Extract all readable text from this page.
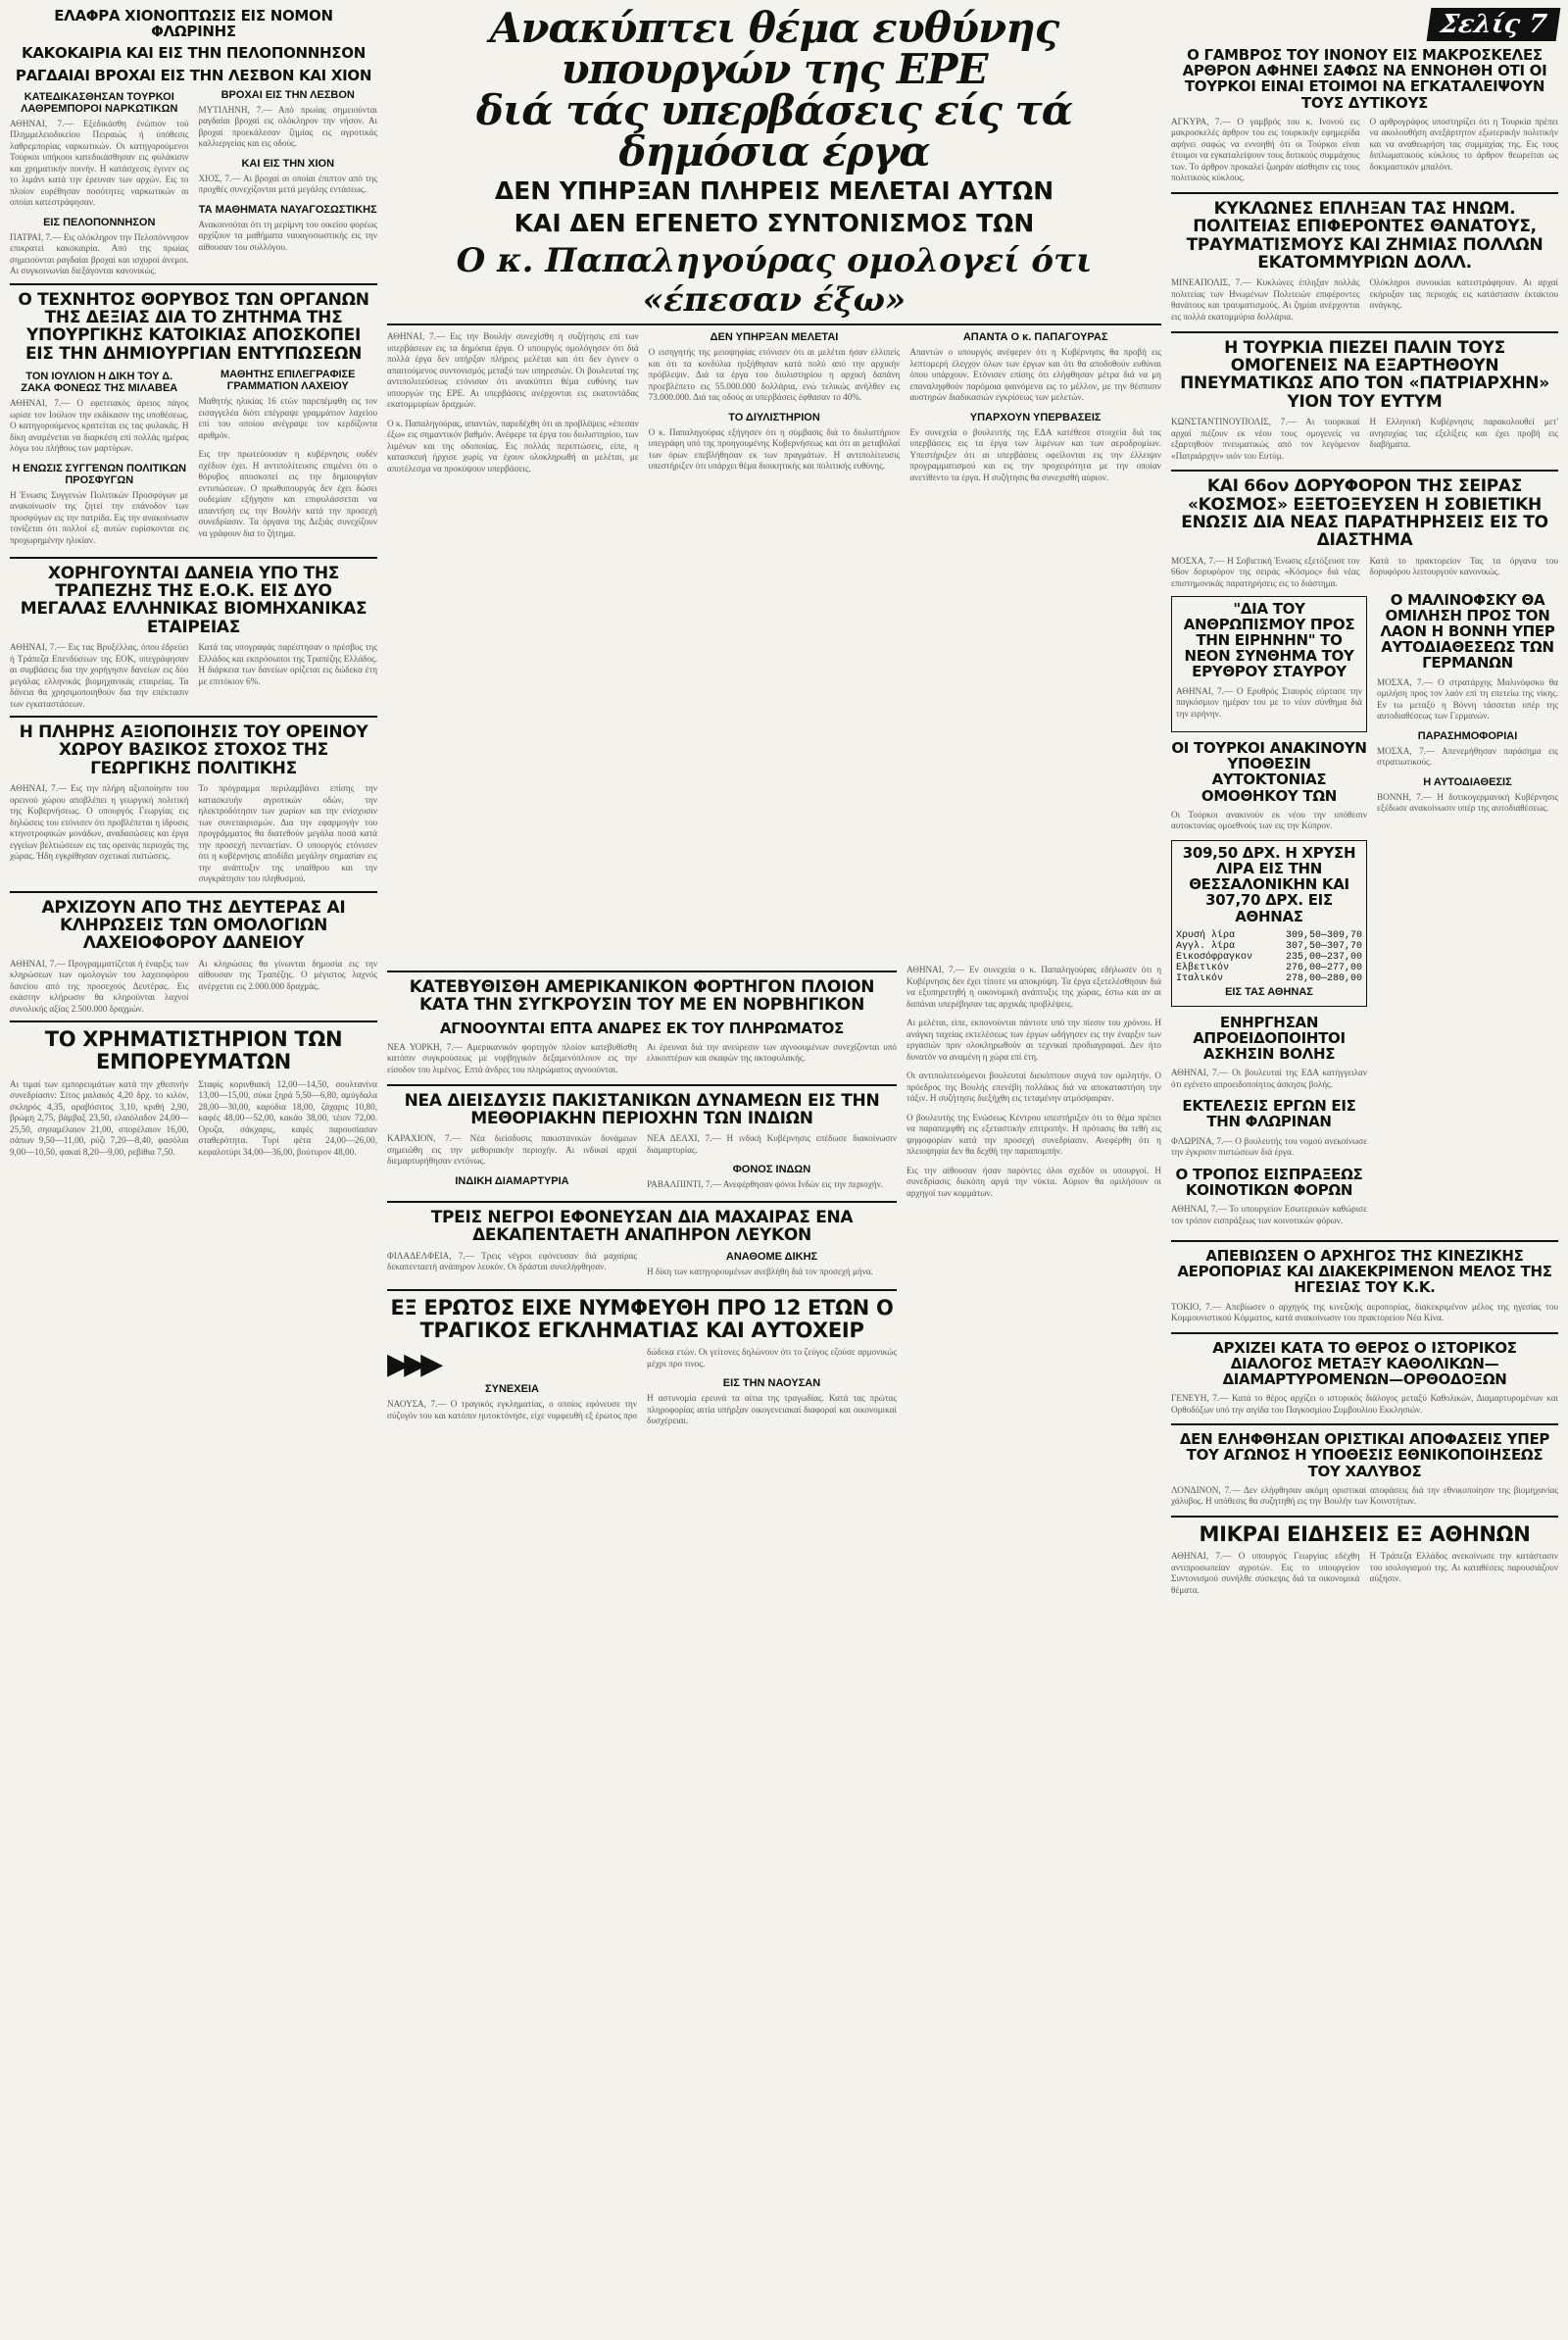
ΕΛΑΦΡΑ ΧΙΟΝΟΠΤΩΣΙΣ ΕΙΣ ΝΟΜΟΝ ΦΛΩΡΙΝΗΣ
ΚΑΚΟΚΑΙΡΙΑ ΚΑΙ ΕΙΣ ΤΗΝ ΠΕΛΟΠΟΝΝΗΣΟΝ
ΡΑΓΔΑΙΑΙ ΒΡΟΧΑΙ ΕΙΣ ΤΗΝ ΛΕΣΒΟΝ ΚΑΙ ΧΙΟΝ
ΚΑΤΕΔΙΚΑΣΘΗΣΑΝ ΤΟΥΡΚΟΙ ΛΑΘΡΕΜΠΟΡΟΙ ΝΑΡΚΩΤΙΚΩΝ

ΑΘΗΝΑΙ, 7.— Εξεδικάσθη ένώπιον τού Πλημμελειοδικείου Πειραιώς ή ύπόθεσις λαθρεμπορίας ναρκωτικών. Οι κατηγορούμενοι Τούρκοι υπήκοοι κατεδικάσθησαν εις φυλάκισιν και χρηματικήν ποινήν. Η κατάσχεσις έγινεν εις το λιμάνι κατά την έρευναν των αρχών. Εις το πλοίον ευρέθησαν ποσότητες ναρκωτικών αι οποίαι κατεστράφησαν.

ΕΙΣ ΠΕΛΟΠΟΝΝΗΣΟΝ

ΠΑΤΡΑΙ, 7.— Εις ολόκληρον την Πελοπόννησον επικρατεί κακοκαιρία. Από της πρωίας σημειούνται ραγδαίαι βροχαί και ισχυροί άνεμοι. Αι συγκοινωνίαι διεξάγονται κανονικώς.

ΒΡΟΧΑΙ ΕΙΣ ΤΗΝ ΛΕΣΒΟΝ

ΜΥΤΙΛΗΝΗ, 7.— Από πρωίας σημειούνται ραγδαίαι βροχαί εις ολόκληρον την νήσον. Αι βροχαί προεκάλεσαν ζημίας εις αγροτικάς καλλιεργείας και εις οδούς.

ΚΑΙ ΕΙΣ ΤΗΝ ΧΙΟΝ

ΧΙΟΣ, 7.— Αι βροχαί αι οποίαι έπιπτον από της προχθές συνεχίζονται μετά μεγάλης εντάσεως.

ΤΑ ΜΑΘΗΜΑΤΑ ΝΑΥΑΓΟΣΩΣΤΙΚΗΣ

Ανακοινούται ότι τη μερίμνη του οικείου φορέως αρχίζουν τα μαθήματα ναυαγοσωστικής εις την αίθουσαν του συλλόγου.

Ο ΤΕΧΝΗΤΟΣ ΘΟΡΥΒΟΣ ΤΩΝ ΟΡΓΑΝΩΝ ΤΗΣ ΔΕΞΙΑΣ ΔΙΑ ΤΟ ΖΗΤΗΜΑ ΤΗΣ ΥΠΟΥΡΓΙΚΗΣ ΚΑΤΟΙΚΙΑΣ ΑΠΟΣΚΟΠΕΙ ΕΙΣ ΤΗΝ ΔΗΜΙΟΥΡΓΙΑΝ ΕΝΤΥΠΩΣΕΩΝ
ΤΟΝ ΙΟΥΛΙΟΝ Η ΔΙΚΗ ΤΟΥ Δ. ΖΑΚΑ ΦΟΝΕΩΣ ΤΗΣ ΜΙΛΑΒΕΑ

ΑΘΗΝΑΙ, 7.— Ο εφετειακός άρειος πάγος ωρίσε τον Ιούλιον την εκδίκασιν της υποθέσεως. Ο κατηγορούμενος κρατείται εις τας φυλακάς. Η δίκη αναμένεται να διαρκέση επί πολλάς ημέρας λόγω του πλήθους των μαρτύρων.

Η ΕΝΩΣΙΣ ΣΥΓΓΕΝΩΝ ΠΟΛΙΤΙΚΩΝ ΠΡΟΣΦΥΓΩΝ

Η Ένωσις Συγγενών Πολιτικών Προσφύγων με ανακοίνωσίν της ζητεί την επάνοδον των προσφύγων εις την πατρίδα. Εις την ανακοίνωσιν τονίζεται ότι πολλοί εξ αυτών ευρίσκονται εις προχωρημένην ηλικίαν.

ΜΑΘΗΤΗΣ ΕΠΙΛΕΓΡΑΦΙΣΕ ΓΡΑΜΜΑΤΙΟΝ ΛΑΧΕΙΟΥ

Μαθητής ηλικίας 16 ετών παρεπέμφθη εις τον εισαγγελέα διότι επέγραψε γραμμάτιον λαχείου επί του οποίου ανέγραψε τον κερδίζοντα αριθμόν.

Εις την πρωτεύουσαν η κυβέρνησις ουδέν σχέδιον έχει. Η αντιπολίτευσις επιμένει ότι ο θόρυβος αποσκοπεί εις την δημιουργίαν εντυπώσεων. Ο πρωθυπουργός δεν έχει δώσει ουδεμίαν εξήγησιν και επιφυλάσσεται να απαντήση εις την Βουλήν κατά την προσεχή συνεδρίασιν. Τα όργανα της Δεξιάς συνεχίζουν να γράφουν δια το ζήτημα.

ΧΟΡΗΓΟΥΝΤΑΙ ΔΑΝΕΙΑ ΥΠΟ ΤΗΣ ΤΡΑΠΕΖΗΣ ΤΗΣ Ε.Ο.Κ. ΕΙΣ ΔΥΟ ΜΕΓΑΛΑΣ ΕΛΛΗΝΙΚΑΣ ΒΙΟΜΗΧΑΝΙΚΑΣ ΕΤΑΙΡΕΙΑΣ

ΑΘΗΝΑΙ, 7.— Εις τας Βρυξέλλας, όπου έδρεύει ή Τράπεζα Επενδύσεων της ΕΟΚ, υπεγράφησαν αι συμβάσεις δια την χορήγησιν δανείων εις δύο μεγάλας ελληνικάς βιομηχανικάς εταιρείας. Τα δάνεια θα χρησιμοποιηθούν δια την επέκτασιν των εγκαταστάσεων.

Κατά τας υπογραφάς παρέστησαν ο πρέσβυς της Ελλάδος και εκπρόσωποι της Τραπέζης Ελλάδος. Η διάρκεια των δανείων ορίζεται εις δώδεκα έτη με επιτόκιον 6%.

Η ΠΛΗΡΗΣ ΑΞΙΟΠΟΙΗΣΙΣ ΤΟΥ ΟΡΕΙΝΟΥ ΧΩΡΟΥ ΒΑΣΙΚΟΣ ΣΤΟΧΟΣ ΤΗΣ ΓΕΩΡΓΙΚΗΣ ΠΟΛΙΤΙΚΗΣ

ΑΘΗΝΑΙ, 7.— Εις την πλήρη αξιοποίησιν του ορεινού χώρου αποβλέπει η γεωργική πολιτική της Κυβερνήσεως. Ο υπουργός Γεωργίας εις δηλώσεις του ετόνισεν ότι προβλέπεται η ίδρυσις κτηνοτροφικών μονάδων, αναδασώσεις και έργα εγγείων βελτιώσεων εις τας ορεινάς περιοχάς της χώρας. Ήδη εγκρίθησαν σχετικαί πιστώσεις.

Το πρόγραμμα περιλαμβάνει επίσης την κατασκευήν αγροτικών οδών, την ηλεκτροδότησιν των χωρίων και την ενίσχυσιν των συνεταιρισμών. Δια την εφαρμογήν του προγράμματος θα διατεθούν μεγάλα ποσά κατά την προσεχή πενταετίαν. Ο υπουργός ετόνισεν ότι η κυβέρνησις αποδίδει μεγάλην σημασίαν εις την ανάπτυξιν της υπαίθρου και την συγκράτησιν του πληθυσμού.

ΑΡΧΙΖΟΥΝ ΑΠΟ ΤΗΣ ΔΕΥΤΕΡΑΣ ΑΙ ΚΛΗΡΩΣΕΙΣ ΤΩΝ ΟΜΟΛΟΓΙΩΝ ΛΑΧΕΙΟΦΟΡΟΥ ΔΑΝΕΙΟΥ

ΑΘΗΝΑΙ, 7.— Προγραμματίζεται ή έναρξις των κληρώσεων των ομολογιών του λαχειοφόρου δανείου από της προσεχούς Δευτέρας. Εις εκάστην κλήρωσιν θα κληρούνται λαχνοί συνολικής αξίας 2.500.000 δραχμών.

Αι κληρώσεις θα γίνωνται δημοσία εις την αίθουσαν της Τραπέζης. Ο μέγιστος λαχνός ανέρχεται εις 2.000.000 δραχμάς.

ΤΟ ΧΡΗΜΑΤΙΣΤΗΡΙΟΝ ΤΩΝ ΕΜΠΟΡΕΥΜΑΤΩΝ

Αι τιμαί των εμπορευμάτων κατά την χθεσινήν συνεδρίασιν: Σίτος μαλακός 4,20 δρχ. το κιλόν, σκληρός 4,35, αραβόσιτος 3,10, κριθή 2,90, βρώμη 2,75, βάμβαξ 23,50, ελαιόλαδον 24,00—25,50, σησαμέλαιον 21,00, σπορέλαιον 16,00, σάπων 9,50—11,00, ρύζι 7,20—8,40, φασόλια 9,00—10,50, φακαί 8,20—9,00, ρεβίθια 7,50.

Σταφίς κορινθιακή 12,00—14,50, σουλτανίνα 13,00—15,00, σύκα ξηρά 5,50—6,80, αμύγδαλα 28,00—30,00, καρύδια 18,00, ζάχαρις 10,80, καφές 48,00—52,00, κακάο 38,00, τέιον 72,00. Ορυζα, σάκχαρις, καφές παρουσίασαν σταθερότητα. Τυρί φέτα 24,00—26,00, κεφαλοτύρι 34,00—36,00, βούτυρον 48,00.

Ανακύπτει θέμα ευθύνης υπουργών της ΕΡΕ
διά τάς υπερβάσεις είς τά δημόσια έργα
ΔΕΝ ΥΠΗΡΞΑΝ ΠΛΗΡΕΙΣ ΜΕΛΕΤΑΙ ΑΥΤΩΝ
ΚΑΙ ΔΕΝ ΕΓΕΝΕΤΟ ΣΥΝΤΟΝΙΣΜΟΣ ΤΩΝ
Ο κ. Παπαληγούρας ομολογεί ότι «έπεσαν έξω»

ΑΘΗΝΑΙ, 7.— Εις την Βουλήν συνεχίσθη η συζήτησις επί των υπερβάσεων εις τα δημόσια έργα. Ο υπουργός ομολόγησεν ότι διά πολλά έργα δεν υπήρξαν πλήρεις μελέται και ότι δεν έγινεν ο απαιτούμενος συντονισμός μεταξύ των υπηρεσιών. Οι βουλευταί της αντιπολιτεύσεως ετόνισαν ότι ανακύπτει θέμα ευθύνης των υπουργών της ΕΡΕ. Αι υπερβάσεις ανέρχονται εις εκατοντάδας εκατομμυρίων δραχμών.

Ο κ. Παπαληγούρας, απαντών, παρεδέχθη ότι αι προβλέψεις «έπεσαν έξω» εις σημαντικόν βαθμόν. Ανέφερε τα έργα του διυλιστηρίου, των λιμένων και της οδοποιίας. Εις πολλάς περιπτώσεις, είπε, η κατασκευή ήρχισε χωρίς να έχουν ολοκληρωθή αι μελέται, με αποτέλεσμα να προκύψουν υπερβάσεις.

ΔΕΝ ΥΠΗΡΞΑΝ ΜΕΛΕΤΑΙ

Ο εισηγητής της μειοψηφίας ετόνισεν ότι αι μελέται ήσαν ελλιπείς και ότι τα κονδύλια ηυξήθησαν κατά πολύ από την αρχικήν πρόβλεψιν. Διά τα έργα του διυλιστηρίου η αρχική δαπάνη προεβλέπετο εις 55.000.000 δολλάρια, ενώ τελικώς ανήλθεν εις 73.000.000. Διά τας οδούς αι υπερβάσεις έφθασαν το 40%.

ΤΟ ΔΙΥΛΙΣΤΗΡΙΟΝ

Ο κ. Παπαληγούρας εξήγησεν ότι η σύμβασις διά το διυλιστήριον υπεγράφη υπό της προηγουμένης Κυβερνήσεως και ότι αι μεταβολαί των όρων επεβλήθησαν εκ των πραγμάτων. Η αντιπολίτευσις υπεστήριξεν ότι υπάρχει θέμα διοικητικής και πολιτικής ευθύνης.

ΑΠΑΝΤΑ Ο κ. ΠΑΠΑΓΟΥΡΑΣ

Απαντών ο υπουργός ανέφερεν ότι η Κυβέρνησις θα προβή εις λεπτομερή έλεγχον όλων των έργων και ότι θα αποδοθούν ευθύναι όπου υπάρχουν. Ετόνισεν επίσης ότι ελήφθησαν μέτρα διά να μη επαναληφθούν παρόμοια φαινόμενα εις το μέλλον, με την θέσπισιν αυστηρών διαδικασιών εγκρίσεως των μελετών.

ΥΠΑΡΧΟΥΝ ΥΠΕΡΒΑΣΕΙΣ

Εν συνεχεία ο βουλευτής της ΕΔΑ κατέθεσε στοιχεία διά τας υπερβάσεις εις τα έργα των λιμένων και των αεροδρομίων. Υπεστήριξεν ότι αι υπερβάσεις οφείλονται εις την έλλειψιν προγραμματισμού και εις την προχειρότητα με την οποίαν ανετίθεντο τα έργα. Η συζήτησις θα συνεχισθή αύριον.

ΚΑΤΕΒΥΘΙΣΘΗ ΑΜΕΡΙΚΑΝΙΚΟΝ ΦΟΡΤΗΓΟΝ ΠΛΟΙΟΝ ΚΑΤΑ ΤΗΝ ΣΥΓΚΡΟΥΣΙΝ ΤΟΥ ΜΕ ΕΝ ΝΟΡΒΗΓΙΚΟΝ
ΑΓΝΟΟΥΝΤΑΙ ΕΠΤΑ ΑΝΔΡΕΣ ΕΚ ΤΟΥ ΠΛΗΡΩΜΑΤΟΣ

ΝΕΑ ΥΟΡΚΗ, 7.— Αμερικανικόν φορτηγόν πλοίον κατεβυθίσθη κατόπιν συγκρούσεως με νορβηγικόν δεξαμενόπλοιον εις την είσοδον του λιμένος. Επτά άνδρες του πληρώματος αγνοούνται.

Αι έρευναι διά την ανεύρεσιν των αγνοουμένων συνεχίζονται υπό ελικοπτέρων και σκαφών της ακτοφυλακής.

ΝΕΑ ΔΙΕΙΣΔΥΣΙΣ ΠΑΚΙΣΤΑΝΙΚΩΝ ΔΥΝΑΜΕΩΝ ΕΙΣ ΤΗΝ ΜΕΘΟΡΙΑΚΗΝ ΠΕΡΙΟΧΗΝ ΤΩΝ ΙΝΔΙΩΝ

ΚΑΡΑΧΙΟΝ, 7.— Νέα διείσδυσις πακιστανικών δυνάμεων σημειώθη εις την μεθοριακήν περιοχήν. Αι ινδικαί αρχαί διεμαρτυρήθησαν εντόνως.

ΙΝΔΙΚΗ ΔΙΑΜΑΡΤΥΡΙΑ

ΝΕΑ ΔΕΛΧΙ, 7.— Η ινδική Κυβέρνησις επέδωσε διακοίνωσιν διαμαρτυρίας.

ΦΟΝΟΣ ΙΝΔΩΝ

ΡΑΒΑΛΠΙΝΤΙ, 7.— Ανεφέρθησαν φόνοι Ινδών εις την περιοχήν.

ΤΡΕΙΣ ΝΕΓΡΟΙ ΕΦΟΝΕΥΣΑΝ ΔΙΑ ΜΑΧΑΙΡΑΣ ΕΝΑ ΔΕΚΑΠΕΝΤΑΕΤΗ ΑΝΑΠΗΡΟΝ ΛΕΥΚΟΝ

ΦΙΛΑΔΕΛΦΕΙΑ, 7.— Τρεις νέγροι εφόνευσαν διά μαχαίρας δεκαπενταετή ανάπηρον λευκόν. Οι δράσται συνελήφθησαν.

ΑΝΑΘΟΜΕ ΔΙΚΗΣ

Η δίκη των κατηγορουμένων ανεβλήθη διά τον προσεχή μήνα.

ΕΞ ΕΡΩΤΟΣ ΕΙΧΕ ΝΥΜΦΕΥΘΗ ΠΡΟ 12 ΕΤΩΝ Ο ΤΡΑΓΙΚΟΣ ΕΓΚΛΗΜΑΤΙΑΣ ΚΑΙ ΑΥΤΟΧΕΙΡ
▶▶▶
ΣΥΝΕΧΕΙΑ

ΝΑΟΥΣΑ, 7.— Ο τραγικός εγκληματίας, ο οποίος εφόνευσε την σύζυγόν του και κατόπιν ηυτοκτόνησε, είχε νυμφευθή εξ έρωτος προ δώδεκα ετών. Οι γείτονες δηλώνουν ότι το ζεύγος εζούσε αρμονικώς μέχρι προ τινος.

ΕΙΣ ΤΗΝ ΝΑΟΥΣΑΝ

Η αστυνομία ερευνά τα αίτια της τραγωδίας. Κατά τας πρώτας πληροφορίας αιτία υπήρξαν οικογενειακαί διαφοραί και οικονομικαί δυσχέρειαι.

ΑΘΗΝΑΙ, 7.— Εν συνεχεία ο κ. Παπαληγούρας εδήλωσεν ότι η Κυβέρνησις δεν έχει τίποτε να αποκρύψη. Τα έργα εξετελέσθησαν διά να εξυπηρετηθή η οικονομική ανάπτυξις της χώρας, έστω και αν αι δαπάναι υπερέβησαν τας αρχικάς προβλέψεις.

Αι μελέται, είπε, εκπονούνται πάντοτε υπό την πίεσιν του χρόνου. Η ανάγκη ταχείας εκτελέσεως των έργων ωδήγησεν εις την έναρξιν των εργασιών πριν ολοκληρωθούν αι τεχνικαί προδιαγραφαί. Δεν ήτο δυνατόν να αναμένη η χώρα επί έτη.

Οι αντιπολιτευόμενοι βουλευταί διεκόπτουν συχνά τον ομιλητήν. Ο πρόεδρος της Βουλής επενέβη πολλάκις διά να αποκαταστήση την τάξιν. Η συζήτησις διεξήχθη εις τεταμένην ατμόσφαιραν.

Ο βουλευτής της Ενώσεως Κέντρου υπεστήριξεν ότι το θέμα πρέπει να παραπεμφθή εις εξεταστικήν επιτροπήν. Η πρότασις θα τεθή εις ψηφοφορίαν κατά την προσεχή συνεδρίασιν. Ανεφέρθη ότι η πλειοψηφία δεν θα δεχθή την παραπομπήν.

Εις την αίθουσαν ήσαν παρόντες όλοι σχεδόν οι υπουργοί. Η συνεδρίασις διεκόπη αργά την νύκτα. Αύριον θα ομιλήσουν οι αρχηγοί των κομμάτων.

Σελίς 7
Ο ΓΑΜΒΡΟΣ ΤΟΥ ΙΝΟΝΟΥ ΕΙΣ ΜΑΚΡΟΣΚΕΛΕΣ ΑΡΘΡΟΝ ΑΦΗΝΕΙ ΣΑΦΩΣ ΝΑ ΕΝΝΟΗΘΗ ΟΤΙ ΟΙ ΤΟΥΡΚΟΙ ΕΙΝΑΙ ΕΤΟΙΜΟΙ ΝΑ ΕΓΚΑΤΑΛΕΙΨΟΥΝ ΤΟΥΣ ΔΥΤΙΚΟΥΣ

ΑΓΚΥΡΑ, 7.— Ο γαμβρός του κ. Ινονού εις μακροσκελές άρθρον του εις τουρκικήν εφημερίδα αφήνει σαφώς να εννοηθή ότι οι Τούρκοι είναι έτοιμοι να εγκαταλείψουν τους δυτικούς συμμάχους των. Το άρθρον προκαλεί ζωηράν αίσθησιν εις τους πολιτικούς κύκλους.

Ο αρθρογράφος υποστηρίζει ότι η Τουρκία πρέπει να ακολουθήση ανεξάρτητον εξωτερικήν πολιτικήν και να αναθεωρήση τας συμμαχίας της. Εις τους διπλωματικούς κύκλους το άρθρον θεωρείται ως δοκιμαστικόν μπαλόνι.

ΚΥΚΛΩΝΕΣ ΕΠΛΗΞΑΝ ΤΑΣ ΗΝΩΜ. ΠΟΛΙΤΕΙΑΣ ΕΠΙΦΕΡΟΝΤΕΣ ΘΑΝΑΤΟΥΣ, ΤΡΑΥΜΑΤΙΣΜΟΥΣ ΚΑΙ ΖΗΜΙΑΣ ΠΟΛΛΩΝ ΕΚΑΤΟΜΜΥΡΙΩΝ ΔΟΛΛ.

ΜΙΝΕΑΠΟΛΙΣ, 7.— Κυκλώνες έπληξαν πολλάς πολιτείας των Ηνωμένων Πολιτειών επιφέροντες θανάτους και τραυματισμούς. Αι ζημίαι ανέρχονται εις πολλά εκατομμύρια δολλάρια.

Ολόκληροι συνοικίαι κατεστράφησαν. Αι αρχαί εκήρυξαν τας περιοχάς εις κατάστασιν έκτακτου ανάγκης.

Η ΤΟΥΡΚΙΑ ΠΙΕΖΕΙ ΠΑΛΙΝ ΤΟΥΣ ΟΜΟΓΕΝΕΙΣ ΝΑ ΕΞΑΡΤΗΘΟΥΝ ΠΝΕΥΜΑΤΙΚΩΣ ΑΠΟ ΤΟΝ «ΠΑΤΡΙΑΡΧΗΝ» ΥΙΟΝ ΤΟΥ ΕΥΤΥΜ

ΚΩΝΣΤΑΝΤΙΝΟΥΠΟΛΙΣ, 7.— Αι τουρκικαί αρχαί πιέζουν εκ νέου τους ομογενείς να εξαρτηθούν πνευματικώς από τον λεγόμενον «Πατριάρχην» υιόν του Ευτύμ.

Η Ελληνική Κυβέρνησις παρακολουθεί μετ' ανησυχίας τας εξελίξεις και έχει προβή εις διαβήματα.

ΚΑΙ 66ον ΔΟΡΥΦΟΡΟΝ ΤΗΣ ΣΕΙΡΑΣ «ΚΟΣΜΟΣ» ΕΞΕΤΟΞΕΥΣΕΝ Η ΣΟΒΙΕΤΙΚΗ ΕΝΩΣΙΣ ΔΙΑ ΝΕΑΣ ΠΑΡΑΤΗΡΗΣΕΙΣ ΕΙΣ ΤΟ ΔΙΑΣΤΗΜΑ

ΜΟΣΧΑ, 7.— Η Σοβιετική Ένωσις εξετόξευσε τον 66ον δορυφόρον της σειράς «Κόσμος» διά νέας επιστημονικάς παρατηρήσεις εις το διάστημα.

Κατά το πρακτορείον Τας τα όργανα του δορυφόρου λειτουργούν κανονικώς.

"ΔΙΑ ΤΟΥ ΑΝΘΡΩΠΙΣΜΟΥ ΠΡΟΣ ΤΗΝ ΕΙΡΗΝΗΝ" ΤΟ ΝΕΟΝ ΣΥΝΘΗΜΑ ΤΟΥ ΕΡΥΘΡΟΥ ΣΤΑΥΡΟΥ

ΑΘΗΝΑΙ, 7.— Ο Ερυθρός Σταυρός εόρτασε την παγκόσμιον ημέραν του με το νέον σύνθημα διά την ειρήνην.

ΟΙ ΤΟΥΡΚΟΙ ΑΝΑΚΙΝΟΥΝ ΥΠΟΘΕΣΙΝ ΑΥΤΟΚΤΟΝΙΑΣ ΟΜΟΘΗΚΟΥ ΤΩΝ

Οι Τούρκοι ανακινούν εκ νέου την υπόθεσιν αυτοκτονίας ομοεθνούς των εις την Κύπρον.

309,50 ΔΡΧ. Η ΧΡΥΣΗ ΛΙΡΑ ΕΙΣ ΤΗΝ ΘΕΣΣΑΛΟΝΙΚΗΝ ΚΑΙ 307,70 ΔΡΧ. ΕΙΣ ΑΘΗΝΑΣ
Χρυσή λίρα	309,50—309,70
Αγγλ. λίρα	307,50—307,70
Εικοσόφραγκον	235,00—237,00
Ελβετικόν	276,00—277,00
Ιταλικόν	278,00—280,00
ΕΙΣ ΤΑΣ ΑΘΗΝΑΣ
ΕΝΗΡΓΗΣΑΝ ΑΠΡΟΕΙΔΟΠΟΙΗΤΟΙ ΑΣΚΗΣΙΝ ΒΟΛΗΣ

ΑΘΗΝΑΙ, 7.— Οι βουλευταί της ΕΔΑ κατήγγειλαν ότι εγένετο απροειδοποίητος άσκησις βολής.

ΕΚΤΕΛΕΣΙΣ ΕΡΓΩΝ ΕΙΣ ΤΗΝ ΦΛΩΡΙΝΑΝ

ΦΛΩΡΙΝΑ, 7.— Ο βουλευτής του νομού ανεκοίνωσε την έγκρισιν πιστώσεων διά έργα.

Ο ΤΡΟΠΟΣ ΕΙΣΠΡΑΞΕΩΣ ΚΟΙΝΟΤΙΚΩΝ ΦΟΡΩΝ

ΑΘΗΝΑΙ, 7.— Το υπουργείον Εσωτερικών καθώρισε τον τρόπον εισπράξεως των κοινοτικών φόρων.

Ο ΜΑΛΙΝΟΦΣΚΥ ΘΑ ΟΜΙΛΗΣΗ ΠΡΟΣ ΤΟΝ ΛΑΟΝ Η ΒΟΝΝΗ ΥΠΕΡ ΑΥΤΟΔΙΑΘΕΣΕΩΣ ΤΩΝ ΓΕΡΜΑΝΩΝ

ΜΟΣΧΑ, 7.— Ο στρατάρχης Μαλινόφσκυ θα ομιλήση προς τον λαόν επί τη επετείω της νίκης. Εν τω μεταξύ η Βόννη τάσσεται υπέρ της αυτοδιαθέσεως των Γερμανών.

ΠΑΡΑΣΗΜΟΦΟΡΙΑΙ

ΜΟΣΧΑ, 7.— Απενεμήθησαν παράσημα εις στρατιωτικούς.

Η ΑΥΤΟΔΙΑΘΕΣΙΣ

ΒΟΝΝΗ, 7.— Η δυτικογερμανική Κυβέρνησις εξέδωσε ανακοίνωσιν υπέρ της αυτοδιαθέσεως.

ΑΠΕΒΙΩΣΕΝ Ο ΑΡΧΗΓΟΣ ΤΗΣ ΚΙΝΕΖΙΚΗΣ ΑΕΡΟΠΟΡΙΑΣ ΚΑΙ ΔΙΑΚΕΚΡΙΜΕΝΟΝ ΜΕΛΟΣ ΤΗΣ ΗΓΕΣΙΑΣ ΤΟΥ Κ.Κ.

ΤΟΚΙΟ, 7.— Απεβίωσεν ο αρχηγός της κινεζικής αεροπορίας, διακεκριμένον μέλος της ηγεσίας του Κομμουνιστικού Κόμματος, κατά ανακοίνωσιν του πρακτορείου Νέα Κίνα.

ΑΡΧΙΖΕΙ ΚΑΤΑ ΤΟ ΘΕΡΟΣ Ο ΙΣΤΟΡΙΚΟΣ ΔΙΑΛΟΓΟΣ ΜΕΤΑΞΥ ΚΑΘΟΛΙΚΩΝ—ΔΙΑΜΑΡΤΥΡΟΜΕΝΩΝ—ΟΡΘΟΔΟΞΩΝ

ΓΕΝΕΥΗ, 7.— Κατά το θέρος αρχίζει ο ιστορικός διάλογος μεταξύ Καθολικών, Διαμαρτυρομένων και Ορθοδόξων υπό την αιγίδα του Παγκοσμίου Συμβουλίου Εκκλησιών.

ΔΕΝ ΕΛΗΦΘΗΣΑΝ ΟΡΙΣΤΙΚΑΙ ΑΠΟΦΑΣΕΙΣ ΥΠΕΡ ΤΟΥ ΑΓΩΝΟΣ Η ΥΠΟΘΕΣΙΣ ΕΘΝΙΚΟΠΟΙΗΣΕΩΣ ΤΟΥ ΧΑΛΥΒΟΣ

ΛΟΝΔΙΝΟΝ, 7.— Δεν ελήφθησαν ακόμη οριστικαί αποφάσεις διά την εθνικοποίησιν της βιομηχανίας χάλυβος. Η υπόθεσις θα συζητηθή εις την Βουλήν των Κοινοτήτων.

ΜΙΚΡΑΙ ΕΙΔΗΣΕΙΣ ΕΞ ΑΘΗΝΩΝ

ΑΘΗΝΑΙ, 7.— Ο υπουργός Γεωργίας εδέχθη αντιπροσωπείαν αγροτών. Εις το υπουργείον Συντονισμού συνήλθε σύσκεψις διά τα οικονομικά θέματα.

Η Τράπεζα Ελλάδος ανεκοίνωσε την κατάστασιν του ισολογισμού της. Αι καταθέσεις παρουσιάζουν αύξησιν.
